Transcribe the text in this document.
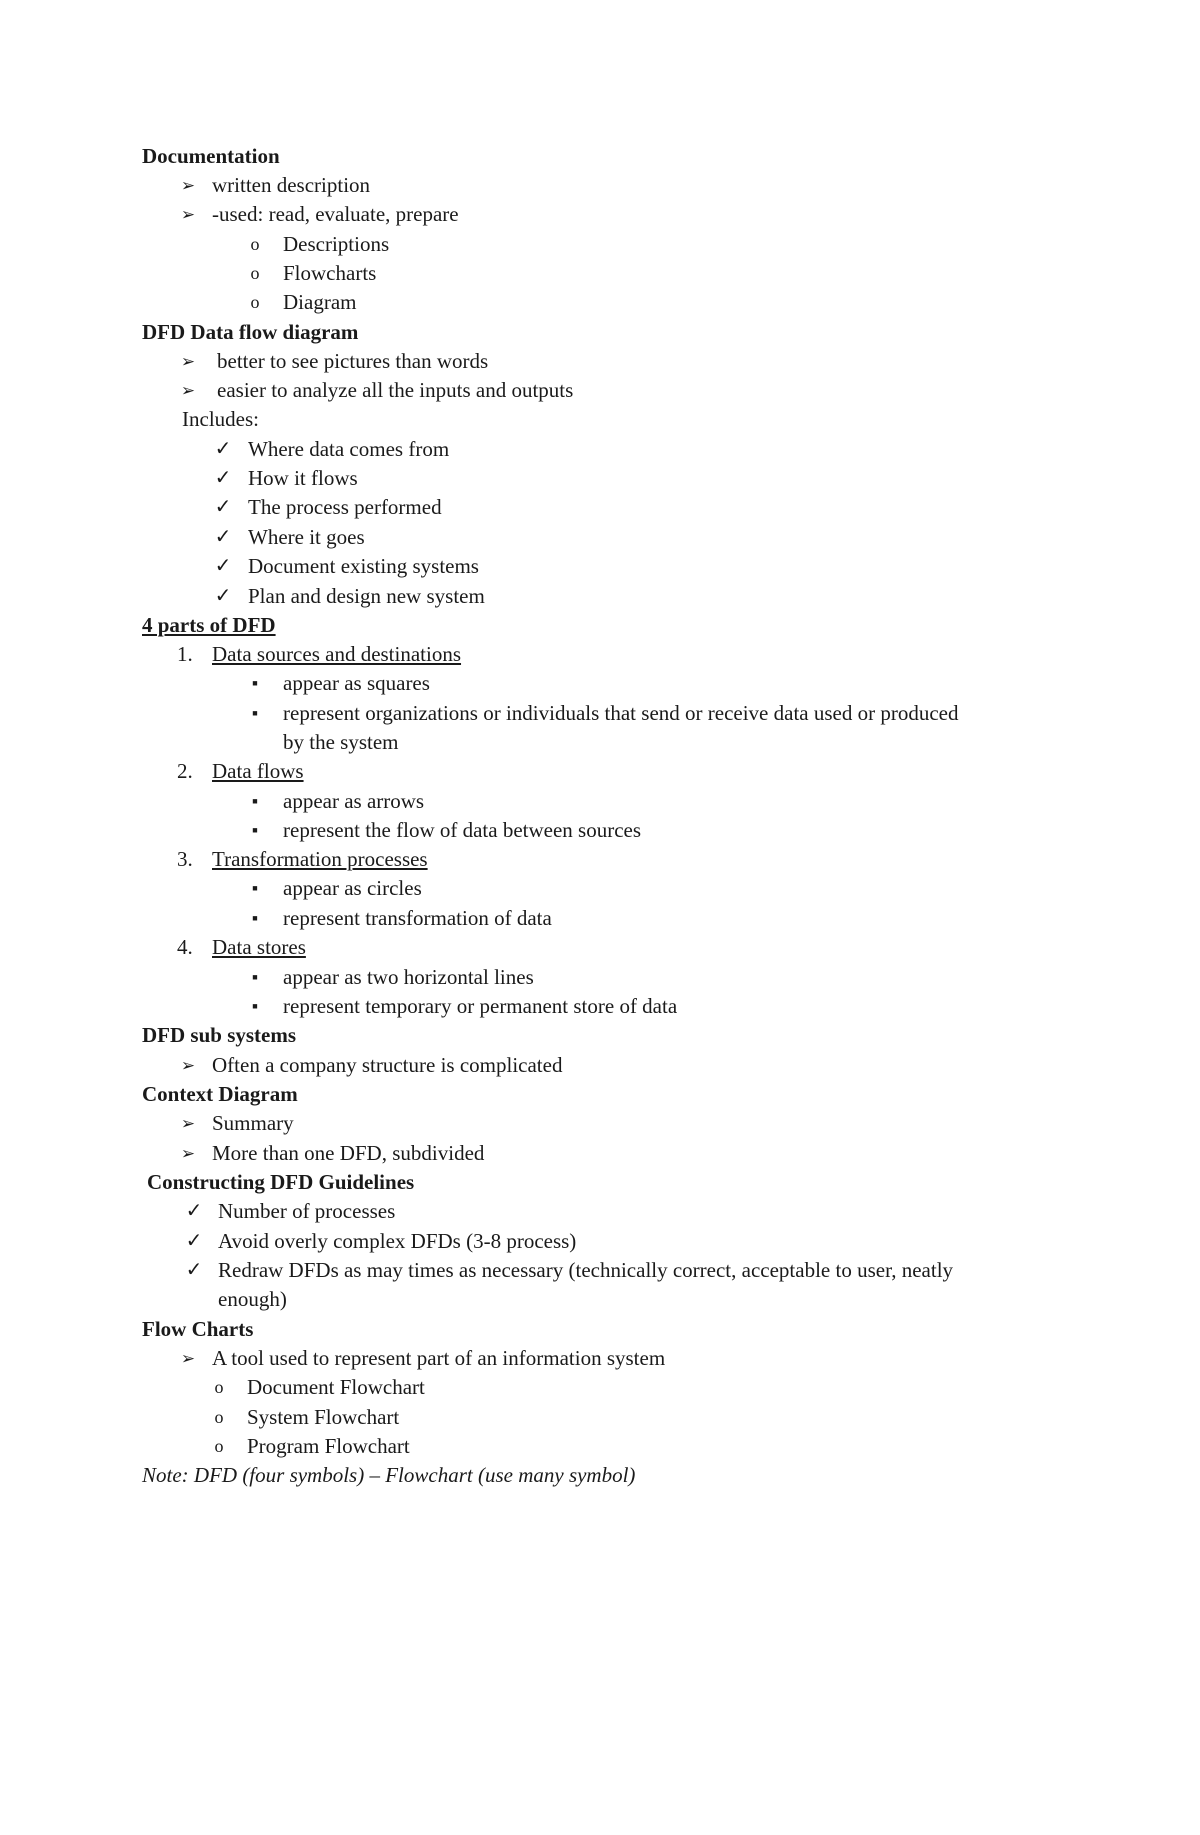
Documentation
➢ written description
➢ -used: read, evaluate, prepare
o	Descriptions
o	Flowcharts
o	Diagram
DFD Data flow diagram
➢ better to see pictures than words
➢ easier to analyze all the inputs and outputs
Includes:
✓ Where data comes from
✓ How it flows
✓ The process performed
✓ Where it goes
✓ Document existing systems
✓ Plan and design new system
4 parts of DFD
1. Data sources and destinations
■	appear as squares
■	represent organizations or individuals that send or receive data used or produced
by the system
2. Data flows
■	appear as arrows
■	represent the flow of data between sources
3. Transformation processes
■	appear as circles
■	represent transformation of data
4. Data stores
■	appear as two horizontal lines
■	represent temporary or permanent store of data
DFD sub systems
➢ Often a company structure is complicated
Context Diagram
➢ Summary
➢ More than one DFD, subdivided
Constructing DFD Guidelines
✓ Number of processes
✓ Avoid overly complex DFDs (3-8 process)
✓ Redraw DFDs as may times as necessary (technically correct, acceptable to user, neatly
enough)
Flow Charts
➢ A tool used to represent part of an information system
o	Document Flowchart
o	System Flowchart
o	Program Flowchart
Note: DFD (four symbols) – Flowchart (use many symbol)
